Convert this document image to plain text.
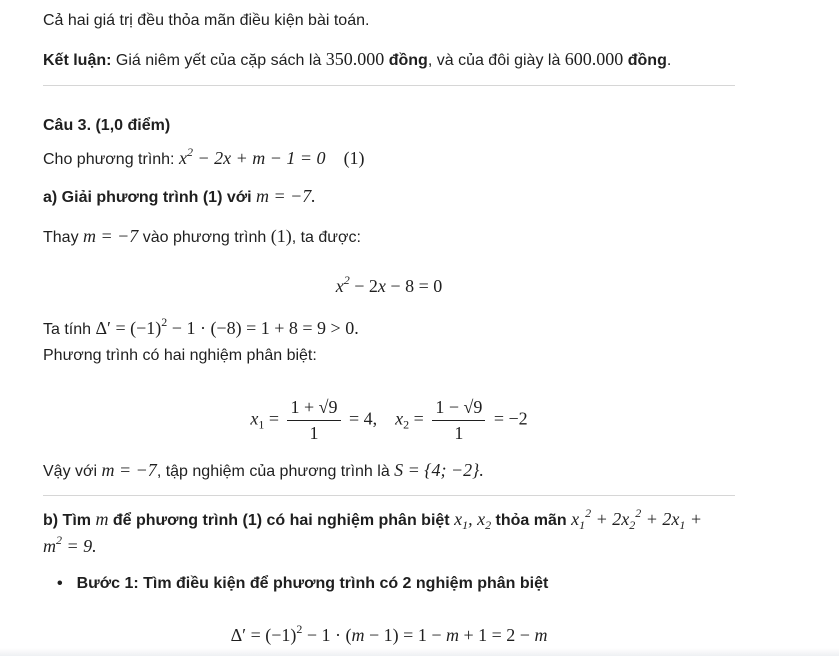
Cả hai giá trị đều thỏa mãn điều kiện bài toán.
Kết luận: Giá niêm yết của cặp sách là 350.000 đồng, và của đôi giày là 600.000 đồng.
Câu 3. (1,0 điểm)
Cho phương trình: $x^2 - 2x + m - 1 = 0$ (1)
a) Giải phương trình (1) với m = −7.
Thay m = −7 vào phương trình (1), ta được:
$x^2 - 2x - 8 = 0$
Ta tính $\Delta' = (-1)^2 - 1 \cdot (-8) = 1 + 8 = 9 > 0$.
Phương trình có hai nghiệm phân biệt:
$x_1 = \frac{1 + √9}{1} = 4$,    $x_2 = \frac{1 - √9}{1} = -2$
Vậy với m = −7, tập nghiệm của phương trình là S = {4; −2}.
b) Tìm m để phương trình (1) có hai nghiệm phân biệt $x_1$, $x_2$ thỏa mãn $x_1^2 + 2x_2^2 + 2x_1$ +
$m^2 = 9$.
• Bước 1: Tìm điều kiện để phương trình có 2 nghiệm phân biệt
$\Delta' = (-1)^2 - 1 \cdot (m - 1) = 1 - m + 1 = 2 - m$
